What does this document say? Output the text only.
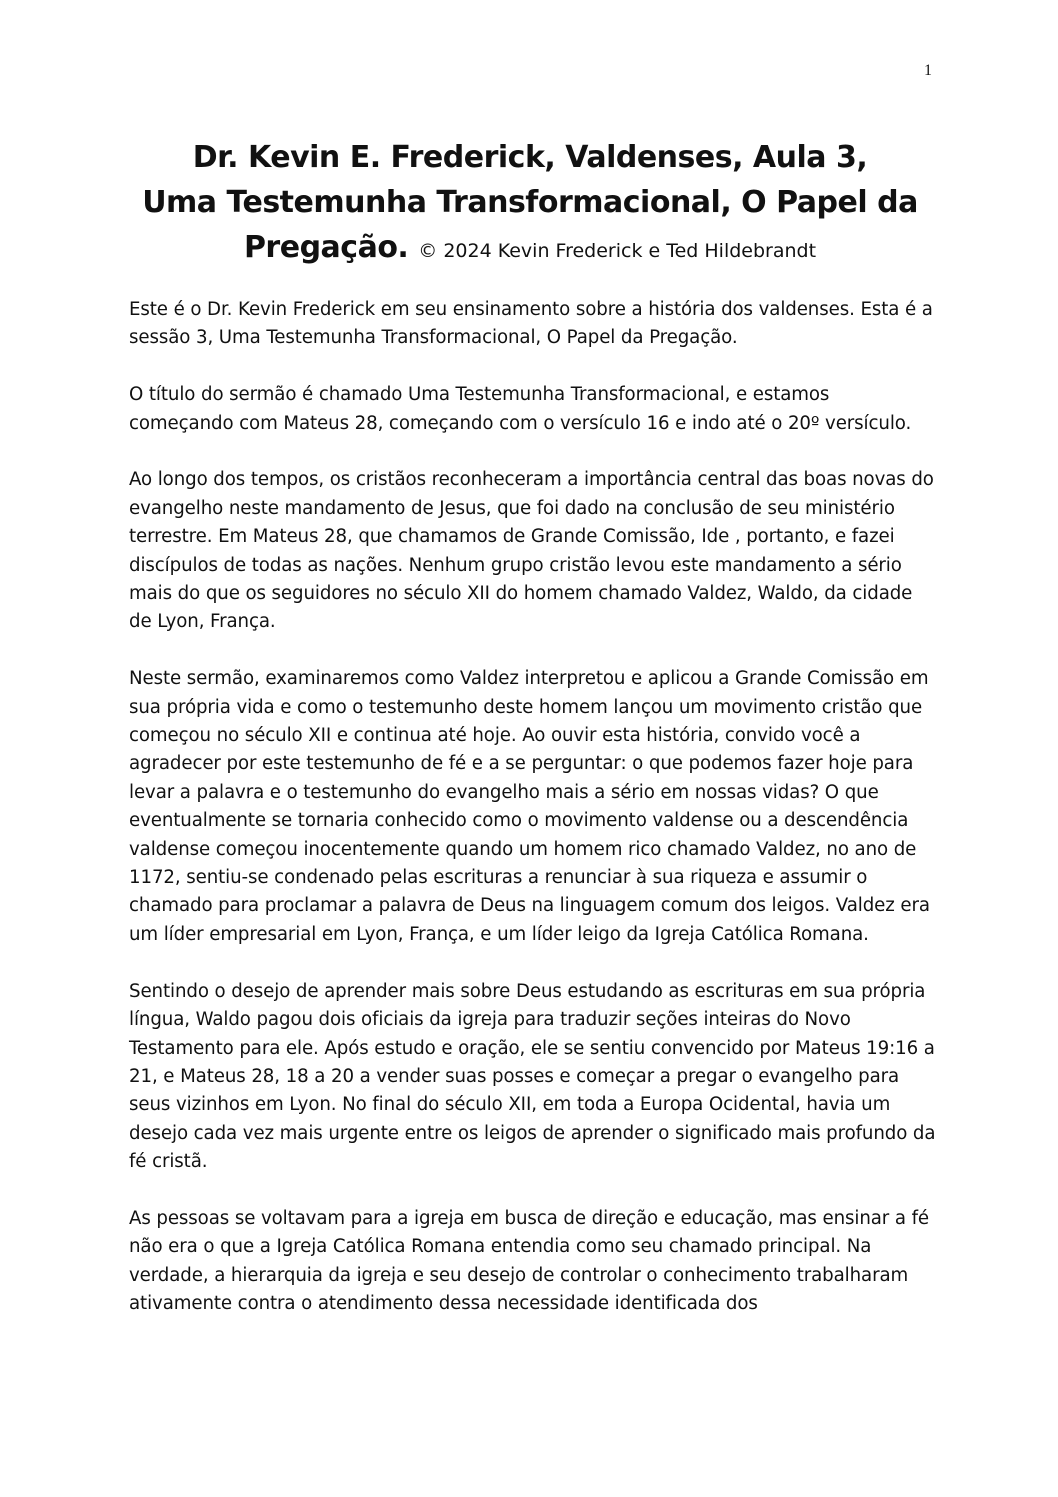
1
Dr. Kevin E. Frederick, Valdenses, Aula 3,
Uma Testemunha Transformacional, O Papel da
Pregação. © 2024 Kevin Frederick e Ted Hildebrandt

Este é o Dr. Kevin Frederick em seu ensinamento sobre a história dos valdenses. Esta é a sessão 3, Uma Testemunha Transformacional, O Papel da Pregação.

O título do sermão é chamado Uma Testemunha Transformacional, e estamos começando com Mateus 28, começando com o versículo 16 e indo até o 20º versículo.

Ao longo dos tempos, os cristãos reconheceram a importância central das boas novas do evangelho neste mandamento de Jesus, que foi dado na conclusão de seu ministério terrestre. Em Mateus 28, que chamamos de Grande Comissão, Ide , portanto, e fazei discípulos de todas as nações. Nenhum grupo cristão levou este mandamento a sério mais do que os seguidores no século XII do homem chamado Valdez, Waldo, da cidade de Lyon, França.

Neste sermão, examinaremos como Valdez interpretou e aplicou a Grande Comissão em sua própria vida e como o testemunho deste homem lançou um movimento cristão que começou no século XII e continua até hoje. Ao ouvir esta história, convido você a agradecer por este testemunho de fé e a se perguntar: o que podemos fazer hoje para levar a palavra e o testemunho do evangelho mais a sério em nossas vidas? O que eventualmente se tornaria conhecido como o movimento valdense ou a descendência valdense começou inocentemente quando um homem rico chamado Valdez, no ano de 1172, sentiu-se condenado pelas escrituras a renunciar à sua riqueza e assumir o chamado para proclamar a palavra de Deus na linguagem comum dos leigos. Valdez era um líder empresarial em Lyon, França, e um líder leigo da Igreja Católica Romana.

Sentindo o desejo de aprender mais sobre Deus estudando as escrituras em sua própria língua, Waldo pagou dois oficiais da igreja para traduzir seções inteiras do Novo Testamento para ele. Após estudo e oração, ele se sentiu convencido por Mateus 19:16 a 21, e Mateus 28, 18 a 20 a vender suas posses e começar a pregar o evangelho para seus vizinhos em Lyon. No final do século XII, em toda a Europa Ocidental, havia um desejo cada vez mais urgente entre os leigos de aprender o significado mais profundo da fé cristã.

As pessoas se voltavam para a igreja em busca de direção e educação, mas ensinar a fé não era o que a Igreja Católica Romana entendia como seu chamado principal. Na verdade, a hierarquia da igreja e seu desejo de controlar o conhecimento trabalharam ativamente contra o atendimento dessa necessidade identificada dos
